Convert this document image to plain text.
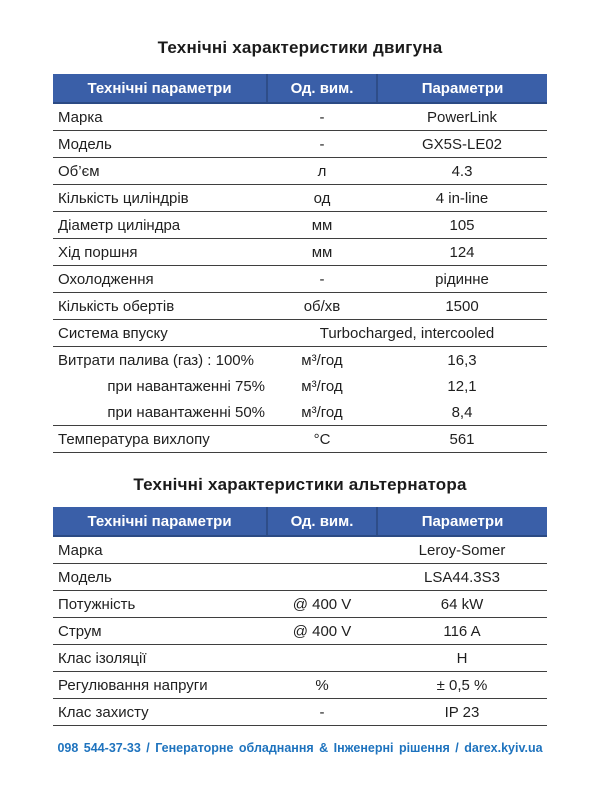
Технічні характеристики двигуна
Технічні параметри	Од. вим.	Параметри
Марка	-	PowerLink
Модель	-	GX5S-LE02
Об’єм	л	4.3
Кількість циліндрів	од	4 in-line
Діаметр циліндра	мм	105
Хід поршня	мм	124
Охолодження	-	рідинне
Кількість обертів	об/хв	1500
Система впуску	Turbocharged, intercooled	
Витрати палива (газ) : 100%	м³/год	16,3
при навантаженні 75%	м³/год	12,1
при навантаженні 50%	м³/год	8,4
Температура вихлопу	°C	561
Технічні характеристики альтернатора
Технічні параметри	Од. вим.	Параметри
Марка		Leroy-Somer
Модель		LSA44.3S3
Потужність	@ 400 V	64 kW
Струм	@ 400 V	116 A
Клас ізоляції		H
Регулювання напруги	%	± 0,5 %
Клас захисту	-	IP 23
098 544-37-33 / Генераторне обладнання & Інженерні рішення / darex.kyiv.ua
